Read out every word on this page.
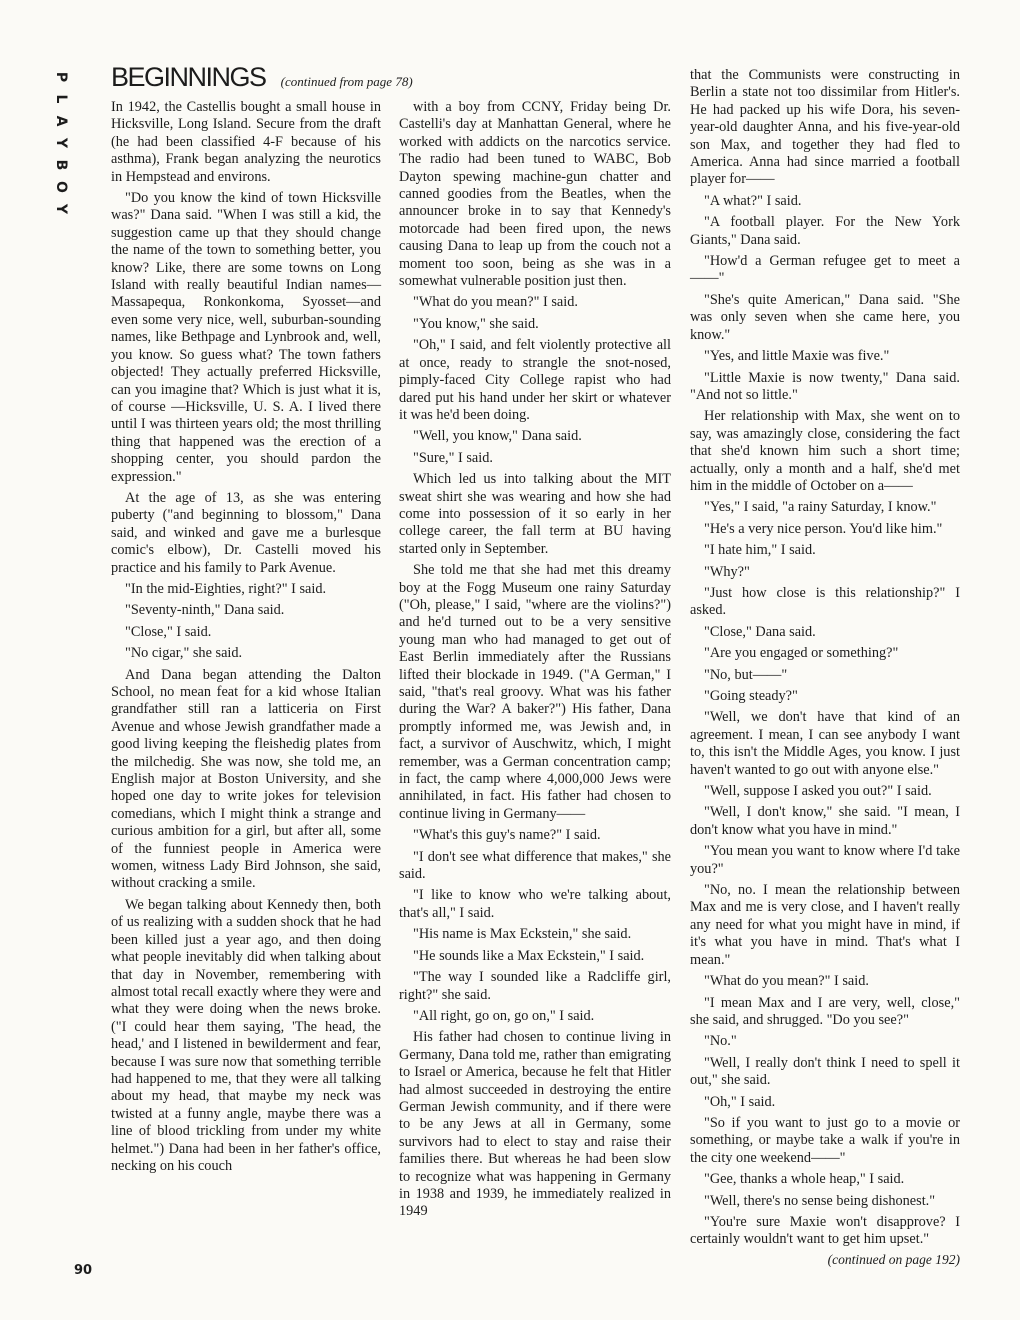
P
L
A
Y
B
O
Y
BEGINNINGS (continued from page 78)

In 1942, the Castellis bought a small house in Hicksville, Long Island. Secure from the draft (he had been classified 4-F because of his asthma), Frank began analyzing the neurotics in Hempstead and environs.

"Do you know the kind of town Hicksville was?" Dana said. "When I was still a kid, the suggestion came up that they should change the name of the town to something better, you know? Like, there are some towns on Long Island with really beautiful Indian names—Massapequa, Ronkonkoma, Syosset—and even some very nice, well, suburban-sounding names, like Bethpage and Lynbrook and, well, you know. So guess what? The town fathers objected! They actually preferred Hicksville, can you imagine that? Which is just what it is, of course —Hicksville, U. S. A. I lived there until I was thirteen years old; the most thrilling thing that happened was the erection of a shopping center, you should pardon the expression."

At the age of 13, as she was entering puberty ("and beginning to blossom," Dana said, and winked and gave me a burlesque comic's elbow), Dr. Castelli moved his practice and his family to Park Avenue.

"In the mid-Eighties, right?" I said.

"Seventy-ninth," Dana said.

"Close," I said.

"No cigar," she said.

And Dana began attending the Dalton School, no mean feat for a kid whose Italian grandfather still ran a latticeria on First Avenue and whose Jewish grandfather made a good living keeping the fleishedig plates from the milchedig. She was now, she told me, an English major at Boston University, and she hoped one day to write jokes for television comedians, which I might think a strange and curious ambition for a girl, but after all, some of the funniest people in America were women, witness Lady Bird Johnson, she said, without cracking a smile.

We began talking about Kennedy then, both of us realizing with a sudden shock that he had been killed just a year ago, and then doing what people inevitably did when talking about that day in November, remembering with almost total recall exactly where they were and what they were doing when the news broke. ("I could hear them saying, 'The head, the head,' and I listened in bewilderment and fear, because I was sure now that something terrible had happened to me, that they were all talking about my head, that maybe my neck was twisted at a funny angle, maybe there was a line of blood trickling from under my white helmet.") Dana had been in her father's office, necking on his couch

with a boy from CCNY, Friday being Dr. Castelli's day at Manhattan General, where he worked with addicts on the narcotics service. The radio had been tuned to WABC, Bob Dayton spewing machine-gun chatter and canned goodies from the Beatles, when the announcer broke in to say that Kennedy's motorcade had been fired upon, the news causing Dana to leap up from the couch not a moment too soon, being as she was in a somewhat vulnerable position just then.

"What do you mean?" I said.

"You know," she said.

"Oh," I said, and felt violently protective all at once, ready to strangle the snot-nosed, pimply-faced City College rapist who had dared put his hand under her skirt or whatever it was he'd been doing.

"Well, you know," Dana said.

"Sure," I said.

Which led us into talking about the MIT sweat shirt she was wearing and how she had come into possession of it so early in her college career, the fall term at BU having started only in September.

She told me that she had met this dreamy boy at the Fogg Museum one rainy Saturday ("Oh, please," I said, "where are the violins?") and he'd turned out to be a very sensitive young man who had managed to get out of East Berlin immediately after the Russians lifted their blockade in 1949. ("A German," I said, "that's real groovy. What was his father during the War? A baker?") His father, Dana promptly informed me, was Jewish and, in fact, a survivor of Auschwitz, which, I might remember, was a German concentration camp; in fact, the camp where 4,000,000 Jews were annihilated, in fact. His father had chosen to continue living in Germany——

"What's this guy's name?" I said.

"I don't see what difference that makes," she said.

"I like to know who we're talking about, that's all," I said.

"His name is Max Eckstein," she said.

"He sounds like a Max Eckstein," I said.

"The way I sounded like a Radcliffe girl, right?" she said.

"All right, go on, go on," I said.

His father had chosen to continue living in Germany, Dana told me, rather than emigrating to Israel or America, because he felt that Hitler had almost succeeded in destroying the entire German Jewish community, and if there were to be any Jews at all in Germany, some survivors had to elect to stay and raise their families there. But whereas he had been slow to recognize what was happening in Germany in 1938 and 1939, he immediately realized in 1949

that the Communists were constructing in Berlin a state not too dissimilar from Hitler's. He had packed up his wife Dora, his seven-year-old daughter Anna, and his five-year-old son Max, and together they had fled to America. Anna had since married a football player for——

"A what?" I said.

"A football player. For the New York Giants," Dana said.

"How'd a German refugee get to meet a——"

"She's quite American," Dana said. "She was only seven when she came here, you know."

"Yes, and little Maxie was five."

"Little Maxie is now twenty," Dana said. "And not so little."

Her relationship with Max, she went on to say, was amazingly close, considering the fact that she'd known him such a short time; actually, only a month and a half, she'd met him in the middle of October on a——

"Yes," I said, "a rainy Saturday, I know."

"He's a very nice person. You'd like him."

"I hate him," I said.

"Why?"

"Just how close is this relationship?" I asked.

"Close," Dana said.

"Are you engaged or something?"

"No, but——"

"Going steady?"

"Well, we don't have that kind of an agreement. I mean, I can see anybody I want to, this isn't the Middle Ages, you know. I just haven't wanted to go out with anyone else."

"Well, suppose I asked you out?" I said.

"Well, I don't know," she said. "I mean, I don't know what you have in mind."

"You mean you want to know where I'd take you?"

"No, no. I mean the relationship between Max and me is very close, and I haven't really any need for what you might have in mind, if it's what you have in mind. That's what I mean."

"What do you mean?" I said.

"I mean Max and I are very, well, close," she said, and shrugged. "Do you see?"

"No."

"Well, I really don't think I need to spell it out," she said.

"Oh," I said.

"So if you want to just go to a movie or something, or maybe take a walk if you're in the city one weekend——"

"Gee, thanks a whole heap," I said.

"Well, there's no sense being dishonest."

"You're sure Maxie won't disapprove? I certainly wouldn't want to get him upset."

(continued on page 192)
90
